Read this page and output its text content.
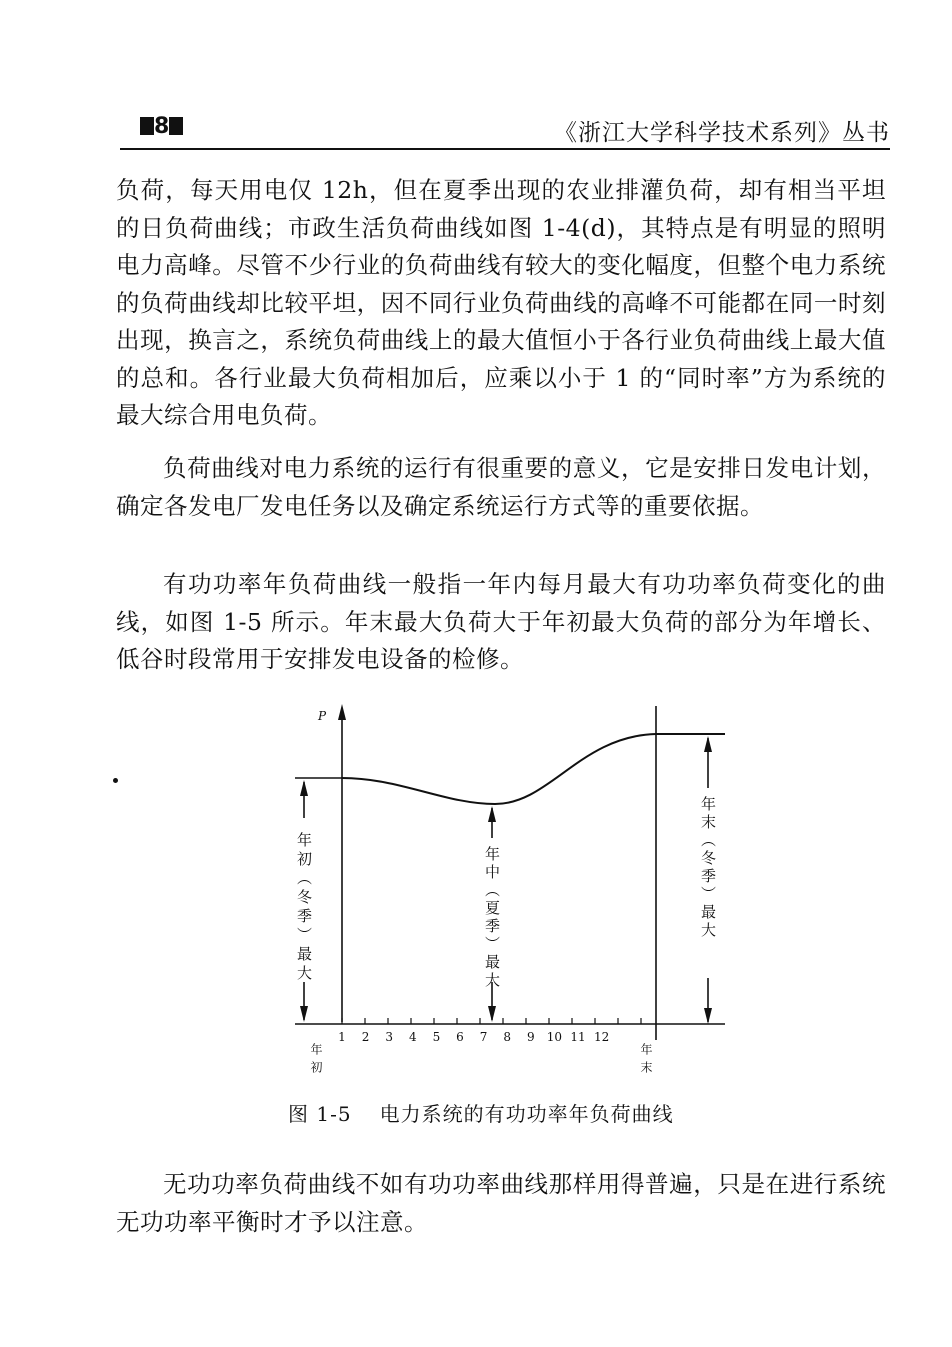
8	《浙江大学科学技术系列》丛书

负荷，每天用电仅 12h，但在夏季出现的农业排灌负荷，却有相当平坦的日负荷曲线；市政生活负荷曲线如图 1-4(d)，其特点是有明显的照明电力高峰。尽管不少行业的负荷曲线有较大的变化幅度，但整个电力系统的负荷曲线却比较平坦，因不同行业负荷曲线的高峰不可能都在同一时刻出现，换言之，系统负荷曲线上的最大值恒小于各行业负荷曲线上最大值的总和。各行业最大负荷相加后，应乘以小于 1 的“同时率”方为系统的最大综合用电负荷。

负荷曲线对电力系统的运行有很重要的意义，它是安排日发电计划，确定各发电厂发电任务以及确定系统运行方式等的重要依据。

有功功率年负荷曲线一般指一年内每月最大有功功率负荷变化的曲线，如图 1-5 所示。年末最大负荷大于年初最大负荷的部分为年增长、低谷时段常用于安排发电设备的检修。

P
年初（冬季）最大	年中（夏季）最大	年末（冬季）最大
年初	年末
1 2 3 4 5 6 7 8 9 10 11 12
图 1-5 电力系统的有功功率年负荷曲线

无功功率负荷曲线不如有功功率曲线那样用得普遍，只是在进行系统无功功率平衡时才予以注意。
